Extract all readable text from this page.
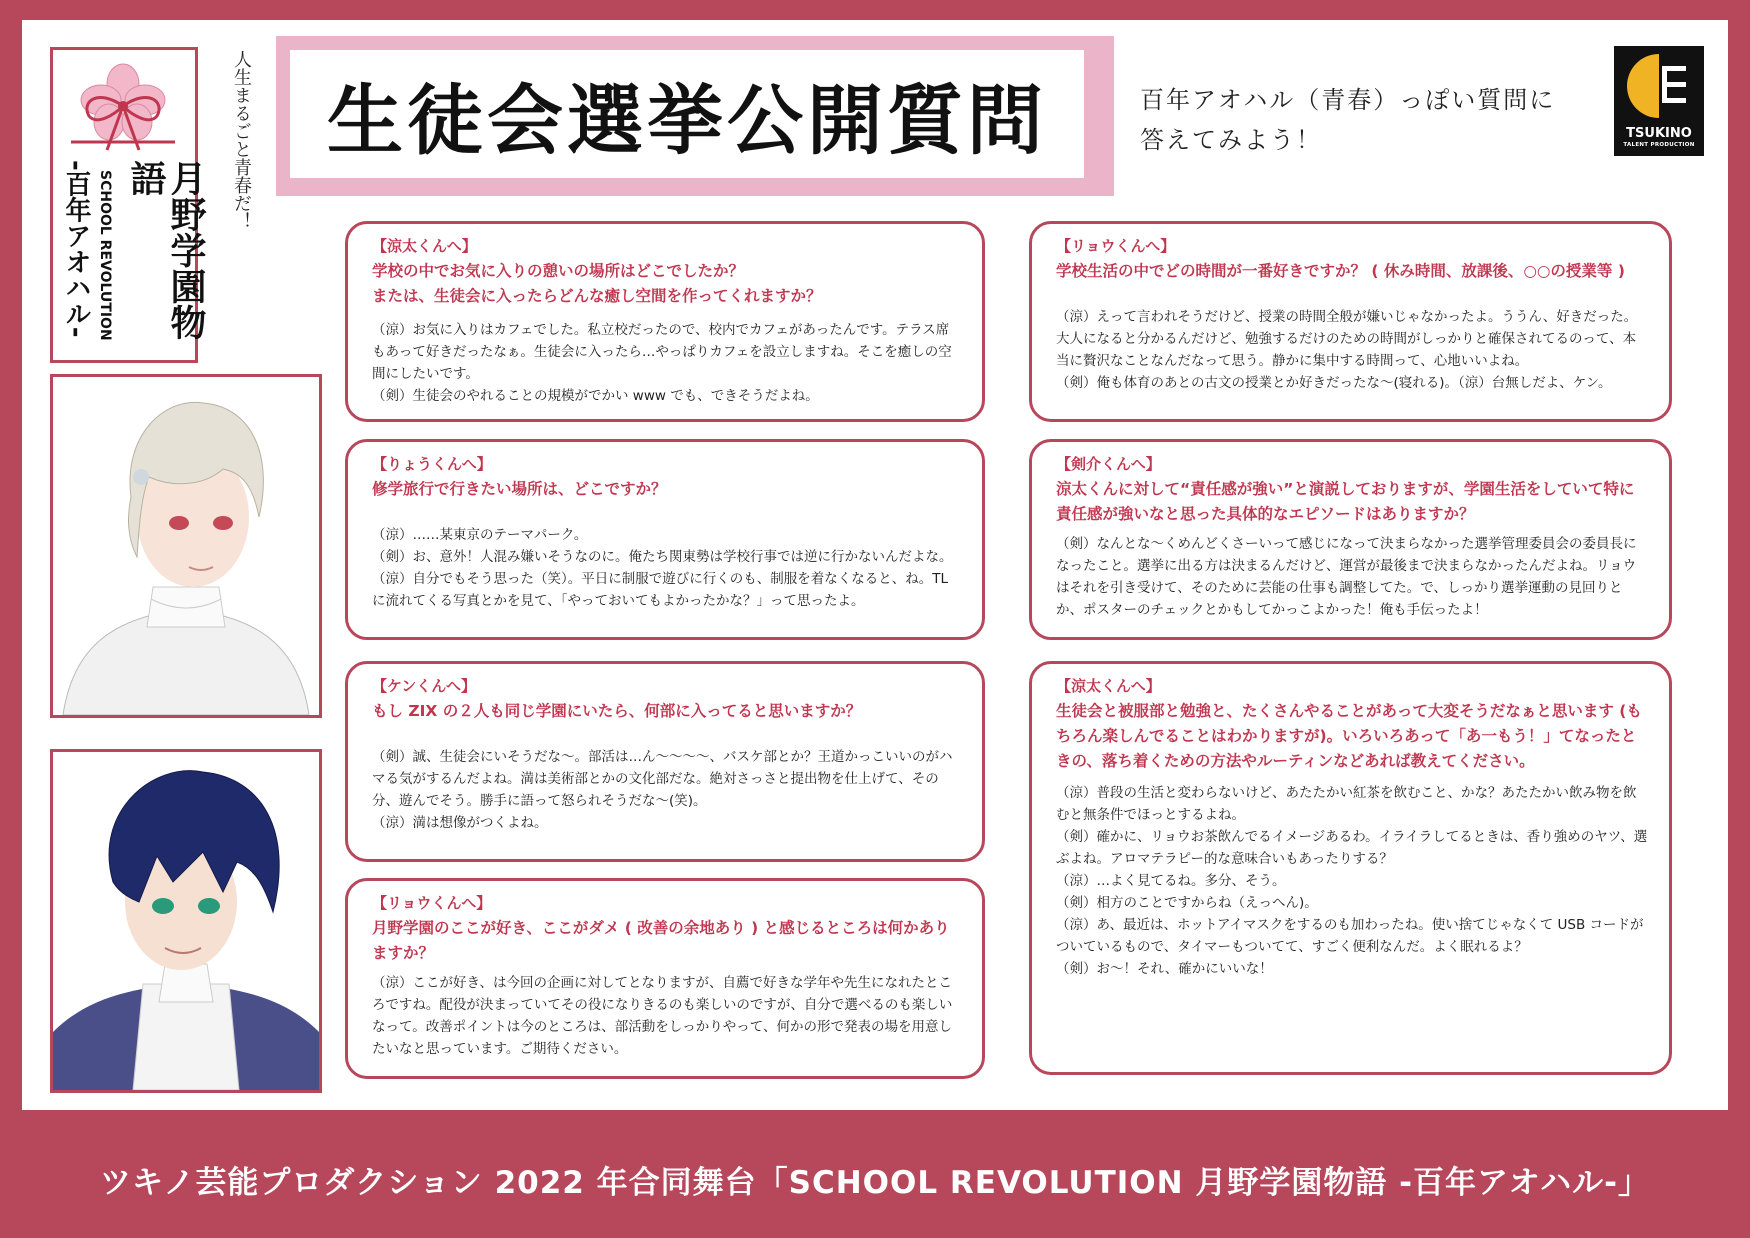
月野学園物語
SCHOOL REVOLUTION
-百年アオハル-
人生まるごと青春だ！ 生徒会選挙公開質問	百年アオハル（青春）っぽい質問に
答えてみよう！	TSUKINO
TALENT PRODUCTION
【涼太くんへ】
学校の中でお気に入りの憩いの場所はどこでしたか？
または、生徒会に入ったらどんな癒し空間を作ってくれますか？

（涼）お気に入りはカフェでした。私立校だったので、校内でカフェがあったんです。テラス席もあって好きだったなぁ。生徒会に入ったら…やっぱりカフェを設立しますね。そこを癒しの空間にしたいです。

（剣）生徒会のやれることの規模がでかい www でも、できそうだよね。

【りょうくんへ】
修学旅行で行きたい場所は、どこですか？

（涼）……某東京のテーマパーク。

（剣）お、意外！人混み嫌いそうなのに。俺たち関東勢は学校行事では逆に行かないんだよな。

（涼）自分でもそう思った（笑）。平日に制服で遊びに行くのも、制服を着なくなると、ね。TL に流れてくる写真とかを見て、「やっておいてもよかったかな？」って思ったよ。

【ケンくんへ】
もし ZIX の２人も同じ学園にいたら、何部に入ってると思いますか？

（剣）誠、生徒会にいそうだな～。部活は…ん～～～～、バスケ部とか？王道かっこいいのがハマる気がするんだよね。満は美術部とかの文化部だな。絶対さっさと提出物を仕上げて、その分、遊んでそう。勝手に語って怒られそうだな～(笑)。

（涼）満は想像がつくよね。

【リョウくんへ】
月野学園のここが好き、ここがダメ ( 改善の余地あり ) と感じるところは何かありますか？

（涼）ここが好き、は今回の企画に対してとなりますが、自薦で好きな学年や先生になれたところですね。配役が決まっていてその役になりきるのも楽しいのですが、自分で選べるのも楽しいなって。改善ポイントは今のところは、部活動をしっかりやって、何かの形で発表の場を用意したいなと思っています。ご期待ください。

【リョウくんへ】
学校生活の中でどの時間が一番好きですか？ ( 休み時間、放課後、○○の授業等 )

（涼）えって言われそうだけど、授業の時間全般が嫌いじゃなかったよ。ううん、好きだった。大人になると分かるんだけど、勉強するだけのための時間がしっかりと確保されてるのって、本当に贅沢なことなんだなって思う。静かに集中する時間って、心地いいよね。

（剣）俺も体育のあとの古文の授業とか好きだったな～(寝れる)。（涼）台無しだよ、ケン。

【剣介くんへ】
涼太くんに対して“責任感が強い”と演説しておりますが、学園生活をしていて特に責任感が強いなと思った具体的なエピソードはありますか？

（剣）なんとな～くめんどくさーいって感じになって決まらなかった選挙管理委員会の委員長になったこと。選挙に出る方は決まるんだけど、運営が最後まで決まらなかったんだよね。リョウはそれを引き受けて、そのために芸能の仕事も調整してた。で、しっかり選挙運動の見回りとか、ポスターのチェックとかもしてかっこよかった！俺も手伝ったよ！

【涼太くんへ】
生徒会と被服部と勉強と、たくさんやることがあって大変そうだなぁと思います (もちろん楽しんでることはわかりますが)。いろいろあって「あ一もう！」てなったときの、落ち着くための方法やルーティンなどあれば教えてください。

（涼）普段の生活と変わらないけど、あたたかい紅茶を飲むこと、かな？あたたかい飲み物を飲むと無条件でほっとするよね。

（剣）確かに、リョウお茶飲んでるイメージあるわ。イライラしてるときは、香り強めのヤツ、選ぶよね。アロマテラピー的な意味合いもあったりする？

（涼）…よく見てるね。多分、そう。

（剣）相方のことですからね（えっへん)。

（涼）あ、最近は、ホットアイマスクをするのも加わったね。使い捨てじゃなくて USB コードがついているもので、タイマーもついてて、すごく便利なんだ。よく眠れるよ？

（剣）お～！それ、確かにいいな！

ツキノ芸能プロダクション 2022 年合同舞台「SCHOOL REVOLUTION 月野学園物語 -百年アオハル-」
